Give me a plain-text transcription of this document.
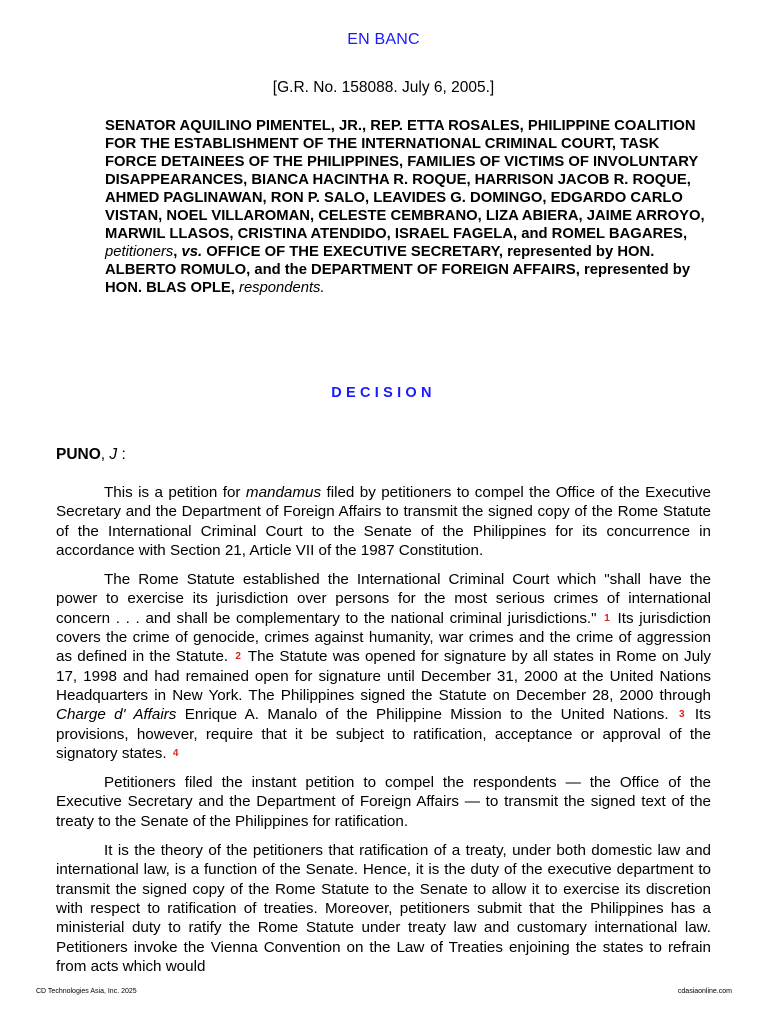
EN BANC
[G.R. No. 158088. July 6, 2005.]
SENATOR AQUILINO PIMENTEL, JR., REP. ETTA ROSALES, PHILIPPINE COALITION FOR THE ESTABLISHMENT OF THE INTERNATIONAL CRIMINAL COURT, TASK FORCE DETAINEES OF THE PHILIPPINES, FAMILIES OF VICTIMS OF INVOLUNTARY DISAPPEARANCES, BIANCA HACINTHA R. ROQUE, HARRISON JACOB R. ROQUE, AHMED PAGLINAWAN, RON P. SALO, LEAVIDES G. DOMINGO, EDGARDO CARLO VISTAN, NOEL VILLAROMAN, CELESTE CEMBRANO, LIZA ABIERA, JAIME ARROYO, MARWIL LLASOS, CRISTINA ATENDIDO, ISRAEL FAGELA, and ROMEL BAGARES, petitioners, vs. OFFICE OF THE EXECUTIVE SECRETARY, represented by HON. ALBERTO ROMULO, and the DEPARTMENT OF FOREIGN AFFAIRS, represented by HON. BLAS OPLE, respondents.
DECISION
PUNO, J :

This is a petition for mandamus filed by petitioners to compel the Office of the Executive Secretary and the Department of Foreign Affairs to transmit the signed copy of the Rome Statute of the International Criminal Court to the Senate of the Philippines for its concurrence in accordance with Section 21, Article VII of the 1987 Constitution.

The Rome Statute established the International Criminal Court which "shall have the power to exercise its jurisdiction over persons for the most serious crimes of international concern . . . and shall be complementary to the national criminal jurisdictions." 1 Its jurisdiction covers the crime of genocide, crimes against humanity, war crimes and the crime of aggression as defined in the Statute. 2 The Statute was opened for signature by all states in Rome on July 17, 1998 and had remained open for signature until December 31, 2000 at the United Nations Headquarters in New York. The Philippines signed the Statute on December 28, 2000 through Charge d' Affairs Enrique A. Manalo of the Philippine Mission to the United Nations. 3 Its provisions, however, require that it be subject to ratification, acceptance or approval of the signatory states. 4

Petitioners filed the instant petition to compel the respondents — the Office of the Executive Secretary and the Department of Foreign Affairs — to transmit the signed text of the treaty to the Senate of the Philippines for ratification.

It is the theory of the petitioners that ratification of a treaty, under both domestic law and international law, is a function of the Senate. Hence, it is the duty of the executive department to transmit the signed copy of the Rome Statute to the Senate to allow it to exercise its discretion with respect to ratification of treaties. Moreover, petitioners submit that the Philippines has a ministerial duty to ratify the Rome Statute under treaty law and customary international law. Petitioners invoke the Vienna Convention on the Law of Treaties enjoining the states to refrain from acts which would

CD Technologies Asia, Inc. 2025	cdasiaonline.com
